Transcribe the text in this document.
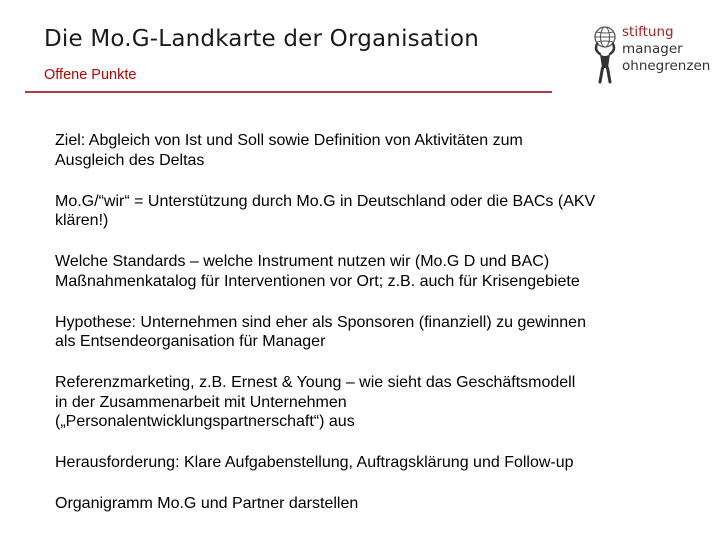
Die Mo.G-Landkarte der Organisation
Offene Punkte
stiftung
manager
ohnegrenzen

Ziel: Abgleich von Ist und Soll sowie Definition von Aktivitäten zum
Ausgleich des Deltas

Mo.G/“wir“ = Unterstützung durch Mo.G in Deutschland oder die BACs (AKV
klären!)

Welche Standards – welche Instrument nutzen wir (Mo.G D und BAC)
Maßnahmenkatalog für Interventionen vor Ort; z.B. auch für Krisengebiete

Hypothese: Unternehmen sind eher als Sponsoren (finanziell) zu gewinnen
als Entsendeorganisation für Manager

Referenzmarketing, z.B. Ernest & Young – wie sieht das Geschäftsmodell
in der Zusammenarbeit mit Unternehmen
(„Personalentwicklungspartnerschaft“) aus

Herausforderung: Klare Aufgabenstellung, Auftragsklärung und Follow-up

Organigramm Mo.G und Partner darstellen
